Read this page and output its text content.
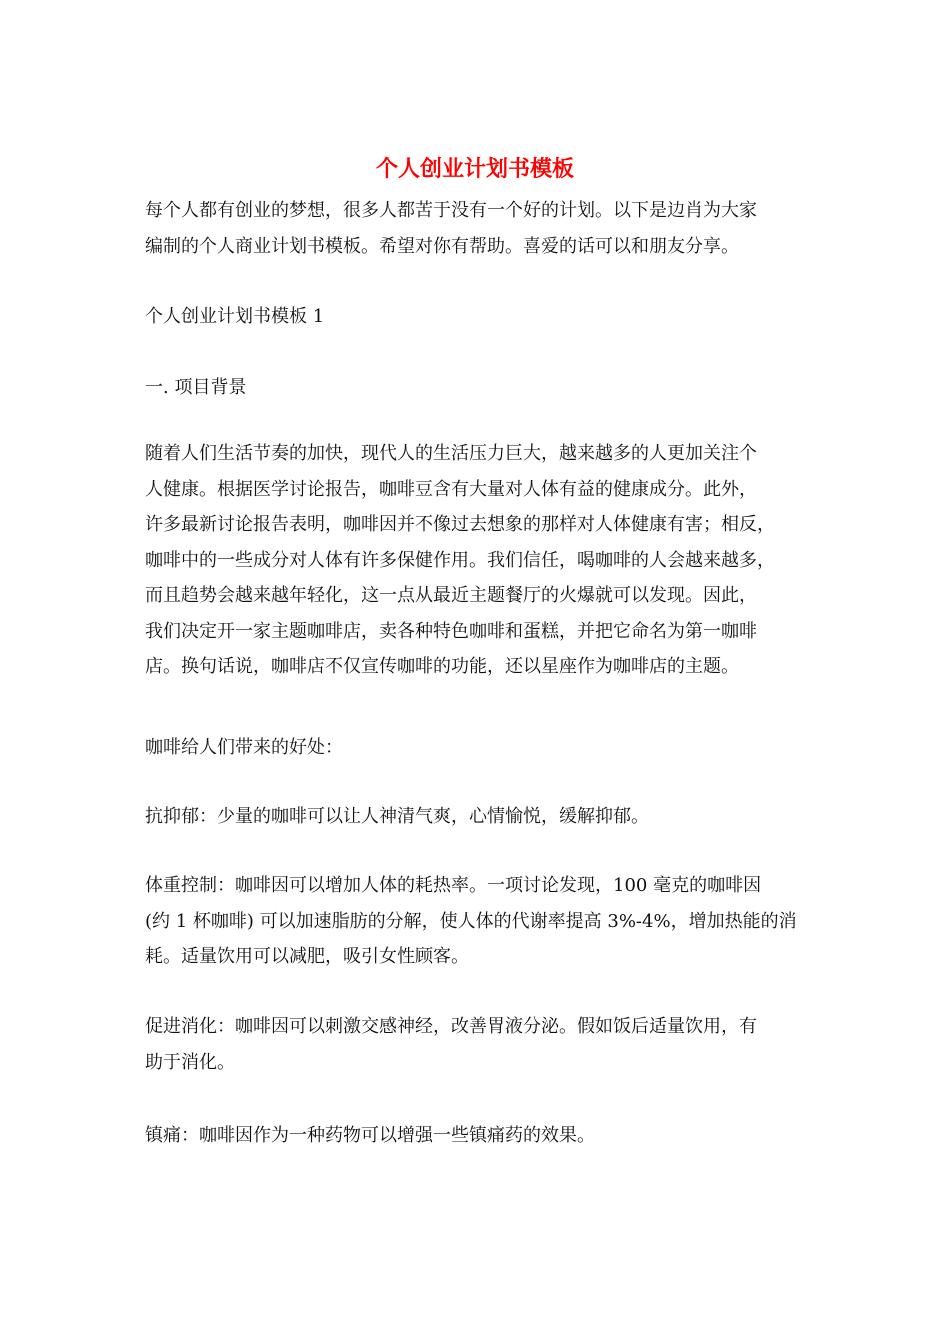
个人创业计划书模板

每个人都有创业的梦想，很多人都苦于没有一个好的计划。以下是边肖为大家
编制的个人商业计划书模板。希望对你有帮助。喜爱的话可以和朋友分享。

个人创业计划书模板 1

一. 项目背景

随着人们生活节奏的加快，现代人的生活压力巨大，越来越多的人更加关注个
人健康。根据医学讨论报告，咖啡豆含有大量对人体有益的健康成分。此外，
许多最新讨论报告表明，咖啡因并不像过去想象的那样对人体健康有害；相反，
咖啡中的一些成分对人体有许多保健作用。我们信任，喝咖啡的人会越来越多，
而且趋势会越来越年轻化，这一点从最近主题餐厅的火爆就可以发现。因此，
我们决定开一家主题咖啡店，卖各种特色咖啡和蛋糕，并把它命名为第一咖啡
店。换句话说，咖啡店不仅宣传咖啡的功能，还以星座作为咖啡店的主题。

咖啡给人们带来的好处：

抗抑郁：少量的咖啡可以让人神清气爽，心情愉悦，缓解抑郁。

体重控制：咖啡因可以增加人体的耗热率。一项讨论发现，100 毫克的咖啡因
(约 1 杯咖啡) 可以加速脂肪的分解，使人体的代谢率提高 3%-4%，增加热能的消
耗。适量饮用可以减肥，吸引女性顾客。

促进消化：咖啡因可以刺激交感神经，改善胃液分泌。假如饭后适量饮用，有
助于消化。

镇痛：咖啡因作为一种药物可以增强一些镇痛药的效果。
